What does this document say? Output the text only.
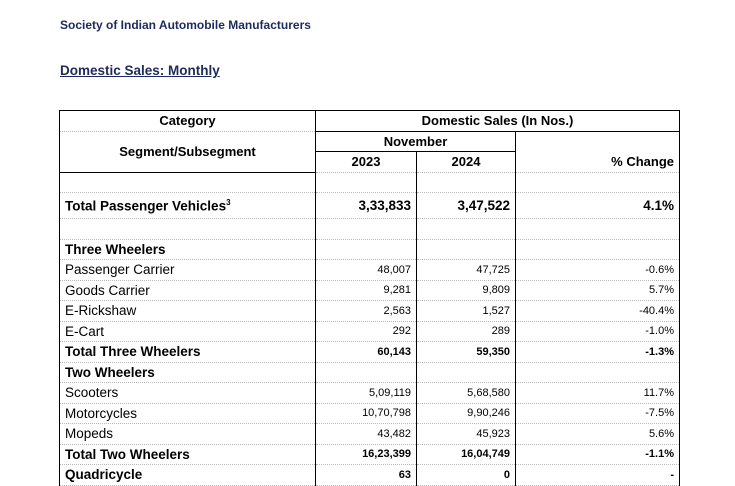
Society of Indian Automobile Manufacturers
Domestic Sales: Monthly
Category	Domestic Sales (In Nos.)		
Segment/Subsegment	November		
	2023	2024	% Change

Total Passenger Vehicles$^3$	3,33,833	3,47,522	4.1%

Three Wheelers			
Passenger Carrier	48,007	47,725	-0.6%
Goods Carrier	9,281	9,809	5.7%
E-Rickshaw	2,563	1,527	-40.4%
E-Cart	292	289	-1.0%
Total Three Wheelers	60,143	59,350	-1.3%
Two Wheelers			
Scooters	5,09,119	5,68,580	11.7%
Motorcycles	10,70,798	9,90,246	-7.5%
Mopeds	43,482	45,923	5.6%
Total Two Wheelers	16,23,399	16,04,749	-1.1%
Quadricycle	63	0	-
